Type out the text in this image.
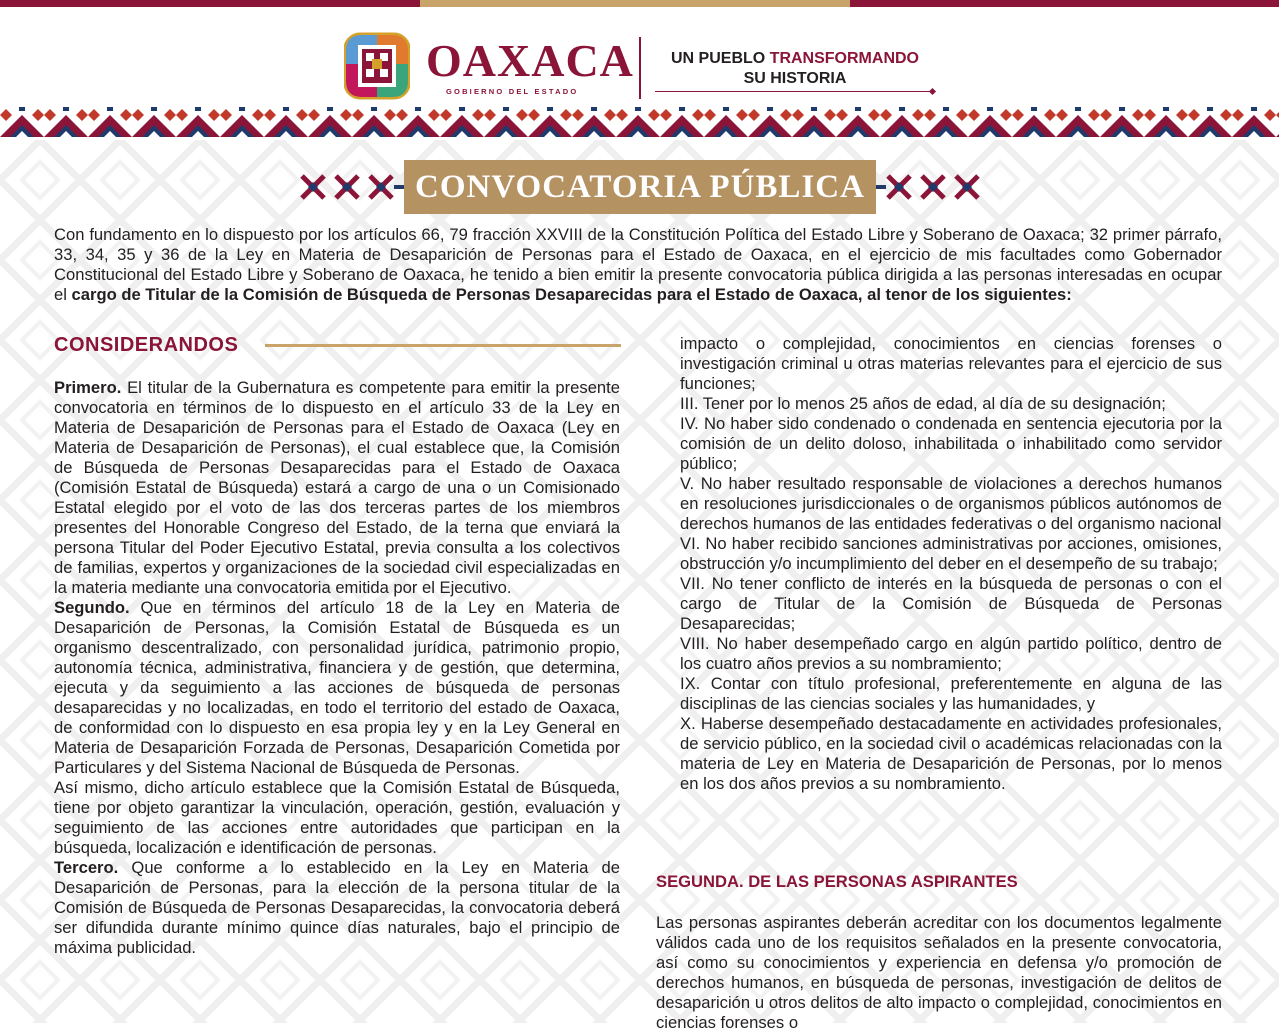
OAXACA
GOBIERNO DEL ESTADO
UN PUEBLO TRANSFORMANDO
SU HISTORIA
CONVOCATORIA PÚBLICA
Con fundamento en lo dispuesto por los artículos 66, 79 fracción XXVIII de la Constitución Política del Estado Libre y Soberano de Oaxaca; 32 primer párrafo, 33, 34, 35 y 36 de la Ley en Materia de Desaparición de Personas para el Estado de Oaxaca, en el ejercicio de mis facultades como Gobernador Constitucional del Estado Libre y Soberano de Oaxaca, he tenido a bien emitir la presente convocatoria pública dirigida a las personas interesadas en ocupar el cargo de Titular de la Comisión de Búsqueda de Personas Desaparecidas para el Estado de Oaxaca, al tenor de los siguientes:
CONSIDERANDOS

Primero. El titular de la Gubernatura es competente para emitir la presente convocatoria en términos de lo dispuesto en el artículo 33 de la Ley en Materia de Desaparición de Personas para el Estado de Oaxaca (Ley en Materia de Desaparición de Personas), el cual establece que, la Comisión de Búsqueda de Personas Desaparecidas para el Estado de Oaxaca (Comisión Estatal de Búsqueda) estará a cargo de una o un Comisionado Estatal elegido por el voto de las dos terceras partes de los miembros presentes del Honorable Congreso del Estado, de la terna que enviará la persona Titular del Poder Ejecutivo Estatal, previa consulta a los colectivos de familias, expertos y organizaciones de la sociedad civil especializadas en la materia mediante una convocatoria emitida por el Ejecutivo.

Segundo. Que en términos del artículo 18 de la Ley en Materia de Desaparición de Personas, la Comisión Estatal de Búsqueda es un organismo descentralizado, con personalidad jurídica, patrimonio propio, autonomía técnica, administrativa, financiera y de gestión, que determina, ejecuta y da seguimiento a las acciones de búsqueda de personas desaparecidas y no localizadas, en todo el territorio del estado de Oaxaca, de conformidad con lo dispuesto en esa propia ley y en la Ley General en Materia de Desaparición Forzada de Personas, Desaparición Cometida por Particulares y del Sistema Nacional de Búsqueda de Personas.

Así mismo, dicho artículo establece que la Comisión Estatal de Búsqueda, tiene por objeto garantizar la vinculación, operación, gestión, evaluación y seguimiento de las acciones entre autoridades que participan en la búsqueda, localización e identificación de personas.

Tercero. Que conforme a lo establecido en la Ley en Materia de Desaparición de Personas, para la elección de la persona titular de la Comisión de Búsqueda de Personas Desaparecidas, la convocatoria deberá ser difundida durante mínimo quince días naturales, bajo el principio de máxima publicidad.

impacto o complejidad, conocimientos en ciencias forenses o investigación criminal u otras materias relevantes para el ejercicio de sus funciones;

III. Tener por lo menos 25 años de edad, al día de su designación;

IV. No haber sido condenado o condenada en sentencia ejecutoria por la comisión de un delito doloso, inhabilitada o inhabilitado como servidor público;

V. No haber resultado responsable de violaciones a derechos humanos en resoluciones jurisdiccionales o de organismos públicos autónomos de derechos humanos de las entidades federativas o del organismo nacional

VI. No haber recibido sanciones administrativas por acciones, omisiones, obstrucción y/o incumplimiento del deber en el desempeño de su trabajo;

VII. No tener conflicto de interés en la búsqueda de personas o con el cargo de Titular de la Comisión de Búsqueda de Personas Desaparecidas;

VIII. No haber desempeñado cargo en algún partido político, dentro de los cuatro años previos a su nombramiento;

IX. Contar con título profesional, preferentemente en alguna de las disciplinas de las ciencias sociales y las humanidades, y

X. Haberse desempeñado destacadamente en actividades profesionales, de servicio público, en la sociedad civil o académicas relacionadas con la materia de Ley en Materia de Desaparición de Personas, por lo menos en los dos años previos a su nombramiento.

SEGUNDA. DE LAS PERSONAS ASPIRANTES
Las personas aspirantes deberán acreditar con los documentos legalmente válidos cada uno de los requisitos señalados en la presente convocatoria, así como su conocimientos y experiencia en defensa y/o promoción de derechos humanos, en búsqueda de personas, investigación de delitos de desaparición u otros delitos de alto impacto o complejidad, conocimientos en ciencias forenses o
